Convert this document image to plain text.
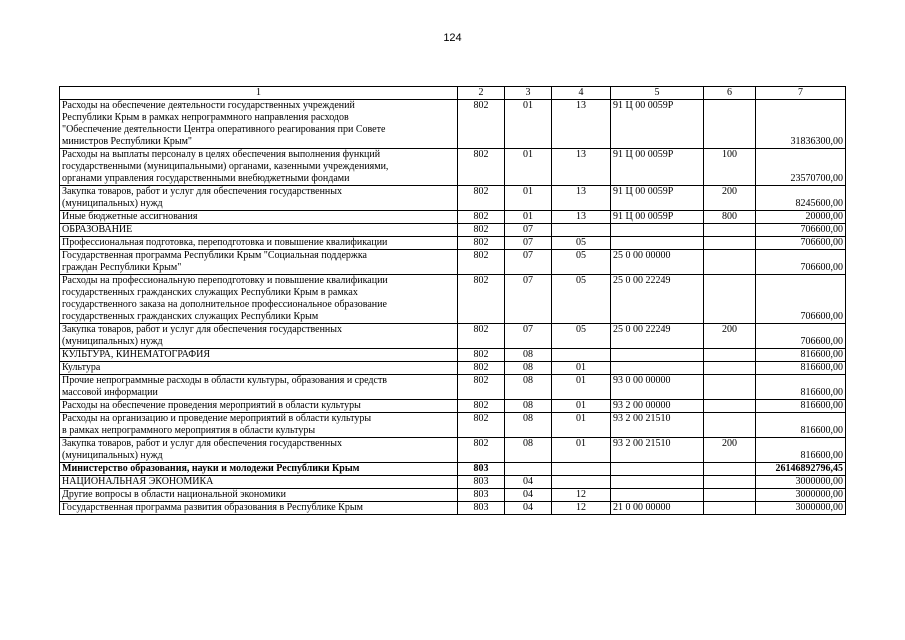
124
1	2	3	4	5	6	7
Расходы на обеспечение деятельности государственных учреждений
Республики Крым в рамках непрограммного направления расходов
"Обеспечение деятельности Центра оперативного реагирования при Совете
министров Республики Крым"	802	01	13	91 Ц 00 0059Р		31836300,00
Расходы на выплаты персоналу в целях обеспечения выполнения функций
государственными (муниципальными) органами, казенными учреждениями,
органами управления государственными внебюджетными фондами	802	01	13	91 Ц 00 0059Р	100	23570700,00
Закупка товаров, работ и услуг для обеспечения государственных
(муниципальных) нужд	802	01	13	91 Ц 00 0059Р	200	8245600,00
Иные бюджетные ассигнования	802	01	13	91 Ц 00 0059Р	800	20000,00
ОБРАЗОВАНИЕ	802	07				706600,00
Профессиональная подготовка, переподготовка и повышение квалификации	802	07	05			706600,00
Государственная программа Республики Крым "Социальная поддержка
граждан Республики Крым"	802	07	05	25 0 00 00000		706600,00
Расходы на профессиональную переподготовку и повышение квалификации
государственных гражданских служащих Республики Крым в рамках
государственного заказа на дополнительное профессиональное образование
государственных гражданских служащих Республики Крым	802	07	05	25 0 00 22249		706600,00
Закупка товаров, работ и услуг для обеспечения государственных
(муниципальных) нужд	802	07	05	25 0 00 22249	200	706600,00
КУЛЬТУРА, КИНЕМАТОГРАФИЯ	802	08				816600,00
Культура	802	08	01			816600,00
Прочие непрограммные расходы в области культуры, образования и средств
массовой информации	802	08	01	93 0 00 00000		816600,00
Расходы на обеспечение проведения мероприятий в области культуры	802	08	01	93 2 00 00000		816600,00
Расходы на организацию и проведение мероприятий в области культуры
в рамках непрограммного мероприятия в области культуры	802	08	01	93 2 00 21510		816600,00
Закупка товаров, работ и услуг для обеспечения государственных
(муниципальных) нужд	802	08	01	93 2 00 21510	200	816600,00
Министерство образования, науки и молодежи Республики Крым	803					26146892796,45
НАЦИОНАЛЬНАЯ ЭКОНОМИКА	803	04				3000000,00
Другие вопросы в области национальной экономики	803	04	12			3000000,00
Государственная программа развития образования в Республике Крым	803	04	12	21 0 00 00000		3000000,00
